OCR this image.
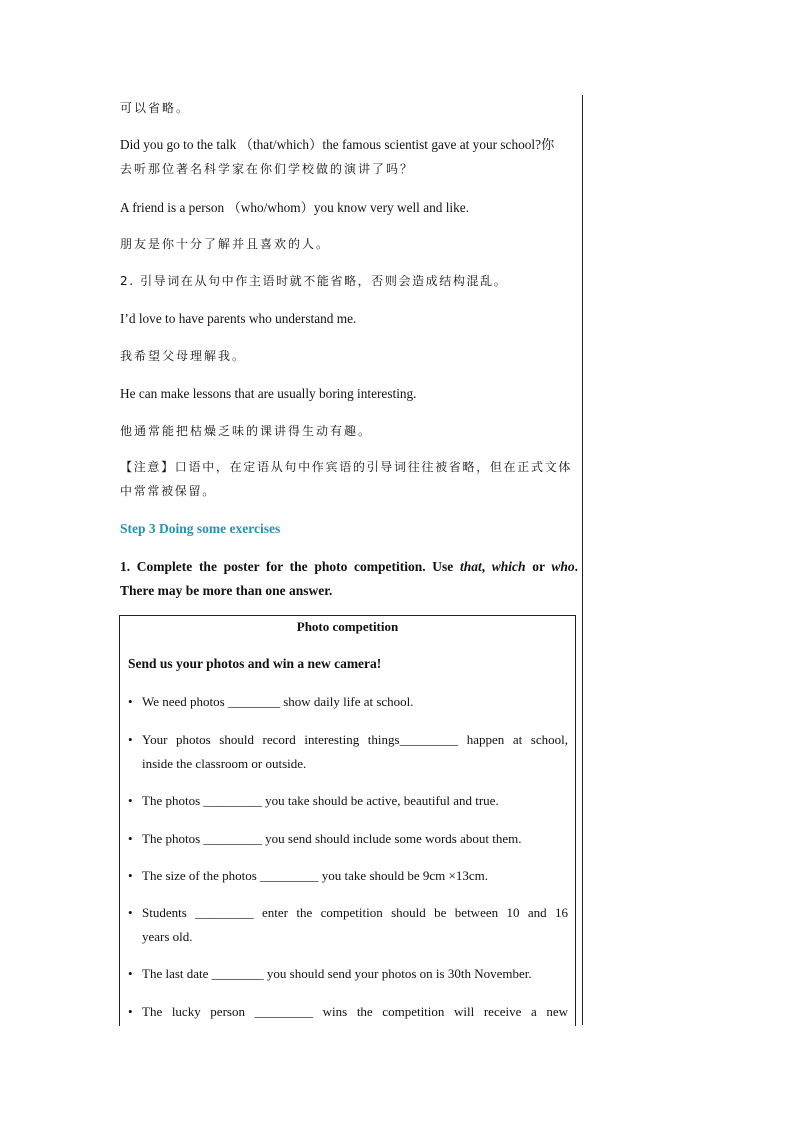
可以省略。
Did you go to the talk （that/which）the famous scientist gave at your school?你
去听那位著名科学家在你们学校做的演讲了吗？
A friend is a person （who/whom）you know very well and like.
朋友是你十分了解并且喜欢的人。
2. 引导词在从句中作主语时就不能省略，否则会造成结构混乱。
I’d love to have parents who understand me.
我希望父母理解我。
He can make lessons that are usually boring interesting.
他通常能把枯燥乏味的课讲得生动有趣。
【注意】口语中，在定语从句中作宾语的引导词往往被省略，但在正式文体
中常常被保留。
Step 3 Doing some exercises
1. Complete the poster for the photo competition. Use that, which or who.
There may be more than one answer.
Photo competition
Send us your photos and win a new camera!
• We need photos ________ show daily life at school.
• Your photos should record interesting things_________ happen at school,
inside the classroom or outside.
• The photos _________ you take should be active, beautiful and true.
• The photos _________ you send should include some words about them.
• The size of the photos _________ you take should be 9cm ×13cm.
• Students _________ enter the competition should be between 10 and 16
years old.
• The last date ________ you should send your photos on is 30th November.
• The lucky person _________ wins the competition will receive a new
